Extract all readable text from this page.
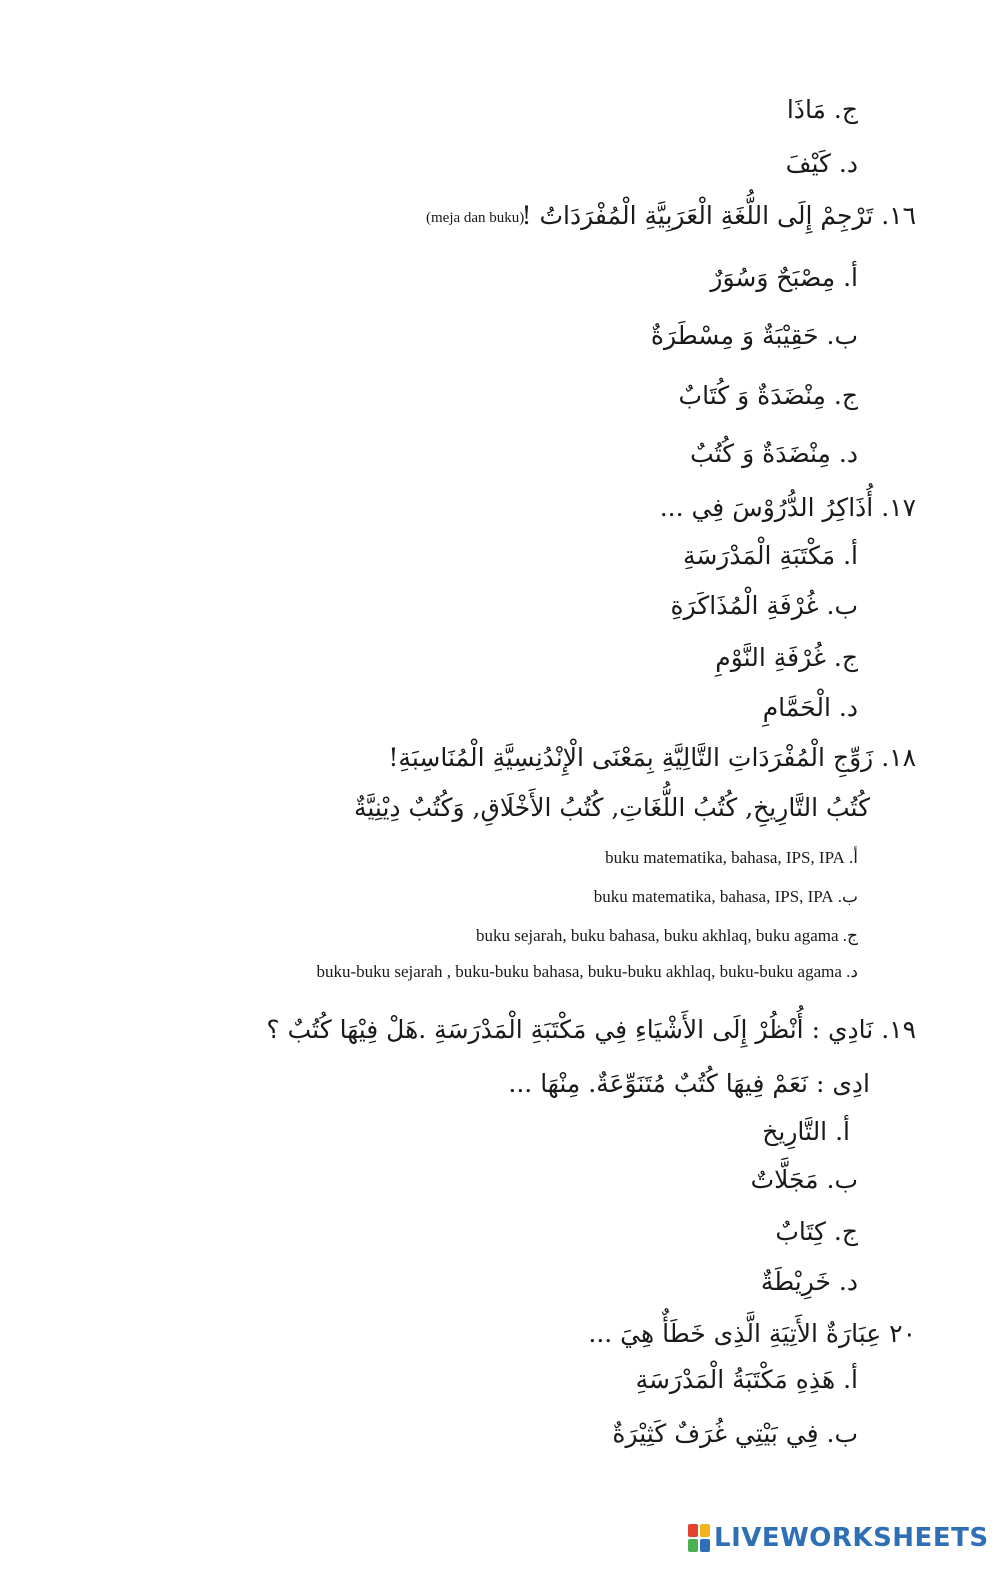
ج. مَاذَا
د. كَيْفَ
١٦. تَرْجِمْ إِلَى اللُّغَةِ الْعَرَبِيَّةِ الْمُفْرَدَاتُ !
(meja dan buku)
أ. مِصْبَحٌ وَسُوَرٌ
ب. حَقِيْبَةٌ وَ مِسْطَرَةٌ
ج. مِنْضَدَةٌ وَ كُتَابٌ
د. مِنْضَدَةٌ وَ كُتُبٌ
١٧. أُذَاكِرُ الدُّرُوْسَ فِي ...
أ. مَكْتَبَةِ الْمَدْرَسَةِ
ب. غُرْفَةِ الْمُذَاكَرَةِ
ج. غُرْفَةِ النَّوْمِ
د. الْحَمَّامِ
١٨. زَوِّجِ الْمُفْرَدَاتِ التَّالِيَّةِ بِمَعْنَى الْإِنْدُنِسِيَّةِ الْمُنَاسِبَةِ!
كُتُبُ التَّارِيخِ, كُتُبُ اللُّغَاتِ, كُتُبُ الأَخْلَاقِ, وَكُتُبٌ دِيْنِيَّةٌ
أ. buku matematika, bahasa, IPS, IPA
ب. buku matematika, bahasa, IPS, IPA
ج. buku sejarah, buku bahasa, buku akhlaq, buku agama
د. buku-buku sejarah , buku-buku bahasa, buku-buku akhlaq, buku-buku agama
١٩. نَادِي : أُنْظُرْ إِلَى الأَشْيَاءِ فِي مَكْتَبَةِ الْمَدْرَسَةِ .هَلْ فِيْهَا كُتُبٌ ؟
ادِى : نَعَمْ فِيهَا كُتُبٌ مُتَنَوِّعَةٌ. مِنْهَا ...
أ. التَّارِيخ
ب. مَجَلَّاتٌ
ج. كِتَابٌ
د. خَرِيْطَةٌ
٢٠ عِبَارَةٌ الأَتِيَةِ الَّذِى خَطَأٌ هِيَ ...
أ. هَذِهِ مَكْتَبَةُ الْمَدْرَسَةِ
ب. فِي بَيْتِي غُرَفٌ كَثِيْرَةٌ
LIVEWORKSHEETS
